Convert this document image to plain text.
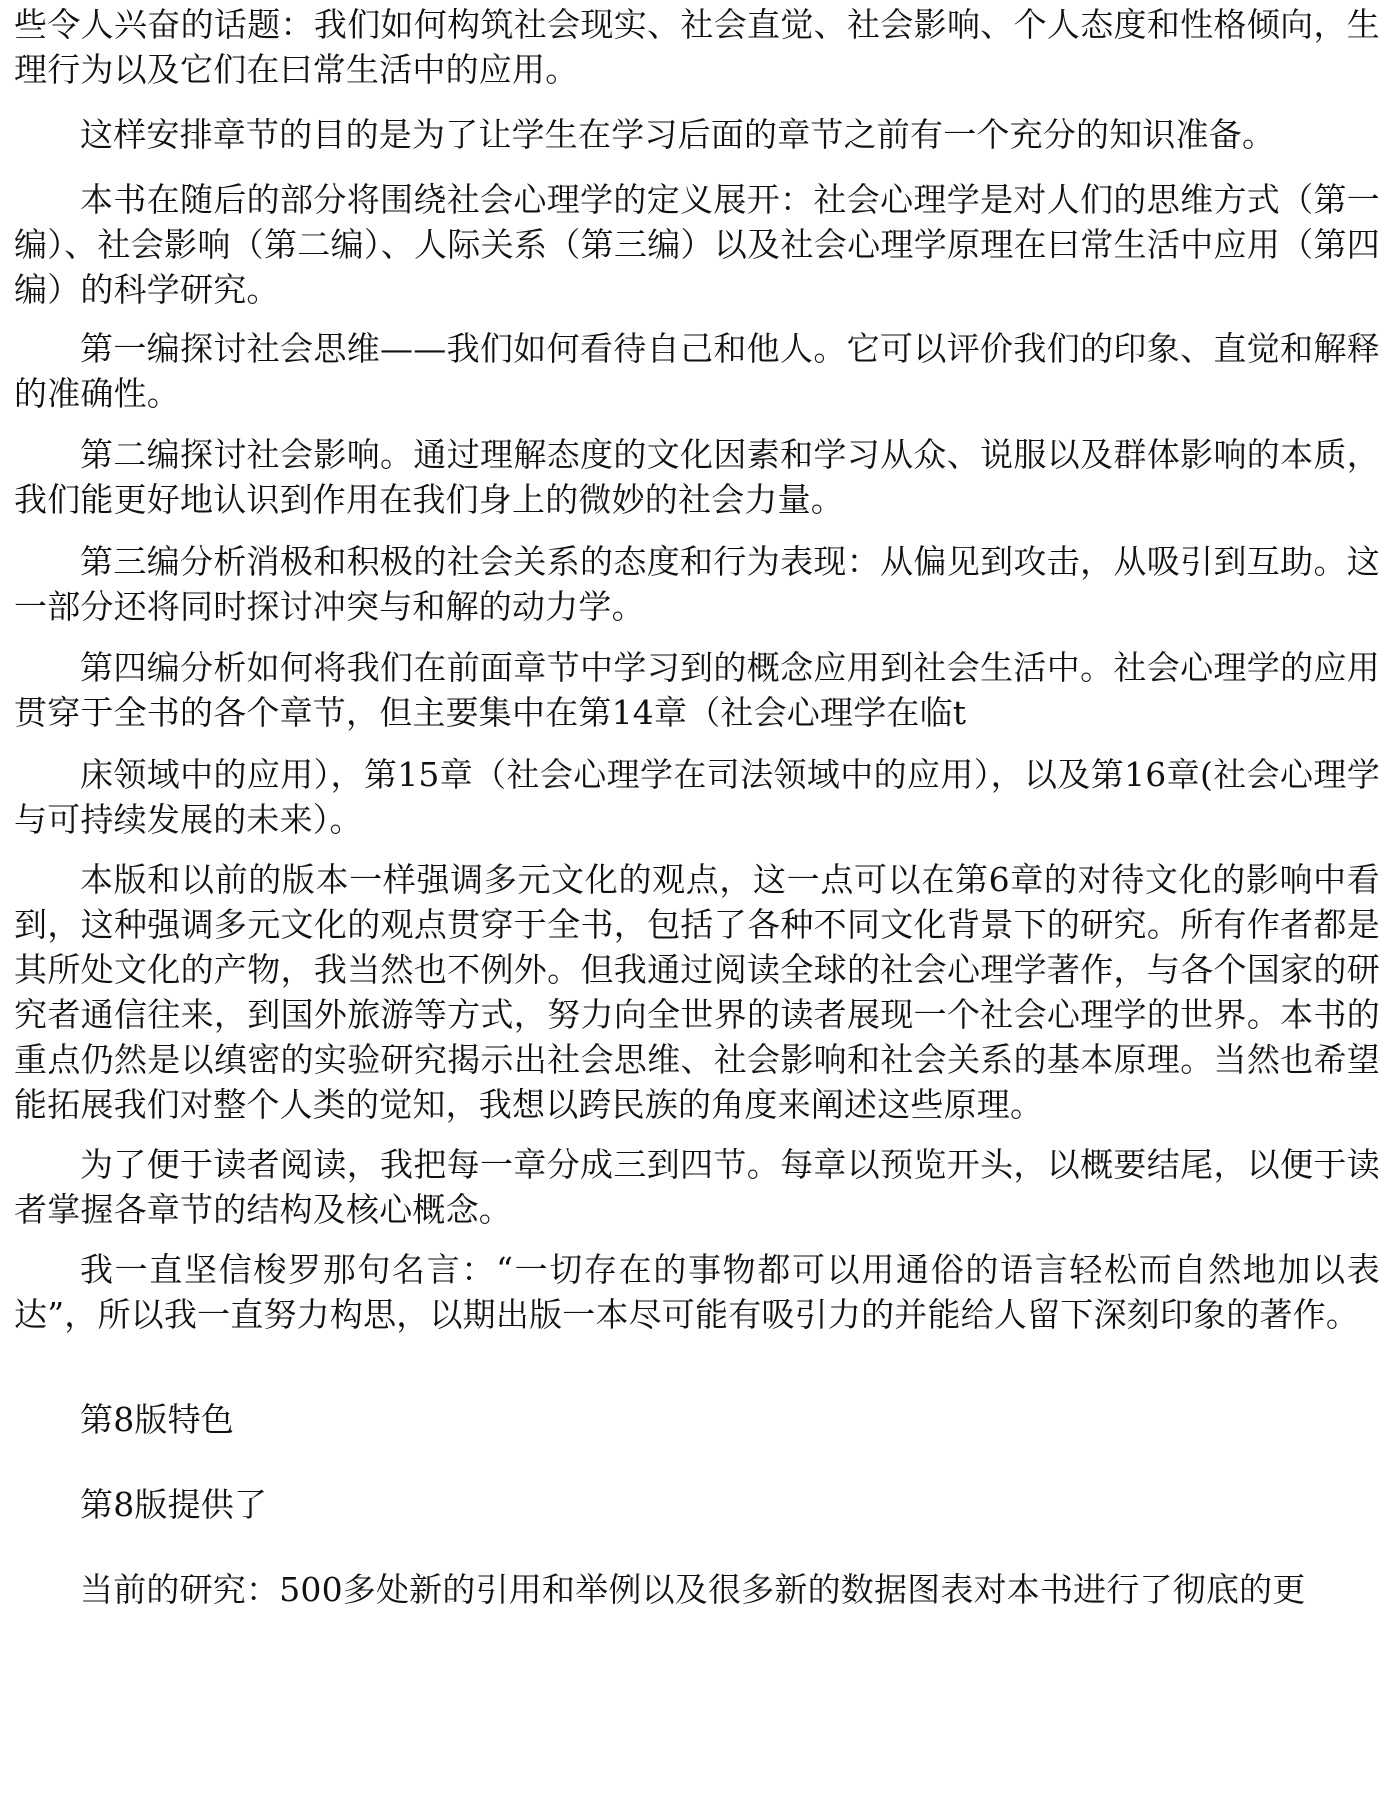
些令人兴奋的话题：我们如何构筑社会现实、社会直觉、社会影响、个人态度和性格倾向，生理行为以及它们在曰常生活中的应用。

这样安排章节的目的是为了让学生在学习后面的章节之前有一个充分的知识准备。

本书在随后的部分将围绕社会心理学的定义展开：社会心理学是对人们的思维方式（第一编）、社会影响（第二编）、人际关系（第三编）以及社会心理学原理在曰常生活中应用（第四编）的科学研究。

第一编探讨社会思维——我们如何看待自己和他人。它可以评价我们的印象、直觉和解释的准确性。

第二编探讨社会影响。通过理解态度的文化因素和学习从众、说服以及群体影响的本质，我们能更好地认识到作用在我们身上的微妙的社会力量。

第三编分析消极和积极的社会关系的态度和行为表现：从偏见到攻击，从吸引到互助。这一部分还将同时探讨冲突与和解的动力学。

第四编分析如何将我们在前面章节中学习到的概念应用到社会生活中。社会心理学的应用贯穿于全书的各个章节，但主要集中在第14章（社会心理学在临t

床领域中的应用），第15章（社会心理学在司法领域中的应用），以及第16章(社会心理学与可持续发展的未来）。

本版和以前的版本一样强调多元文化的观点，这一点可以在第6章的对待文化的影响中看到，这种强调多元文化的观点贯穿于全书，包括了各种不同文化背景下的研究。所有作者都是其所处文化的产物，我当然也不例外。但我通过阅读全球的社会心理学著作，与各个国家的研究者通信往来，到国外旅游等方式，努力向全世界的读者展现一个社会心理学的世界。本书的重点仍然是以缜密的实验研究揭示出社会思维、社会影响和社会关系的基本原理。当然也希望能拓展我们对整个人类的觉知，我想以跨民族的角度来阐述这些原理。

为了便于读者阅读，我把每一章分成三到四节。每章以预览开头，以概要结尾，以便于读者掌握各章节的结构及核心概念。

我一直坚信梭罗那句名言：“一切存在的事物都可以用通俗的语言轻松而自然地加以表达”，所以我一直努力构思，以期出版一本尽可能有吸引力的并能给人留下深刻印象的著作。

第8版特色

第8版提供了

当前的研究：500多处新的引用和举例以及很多新的数据图表对本书进行了彻底的更
